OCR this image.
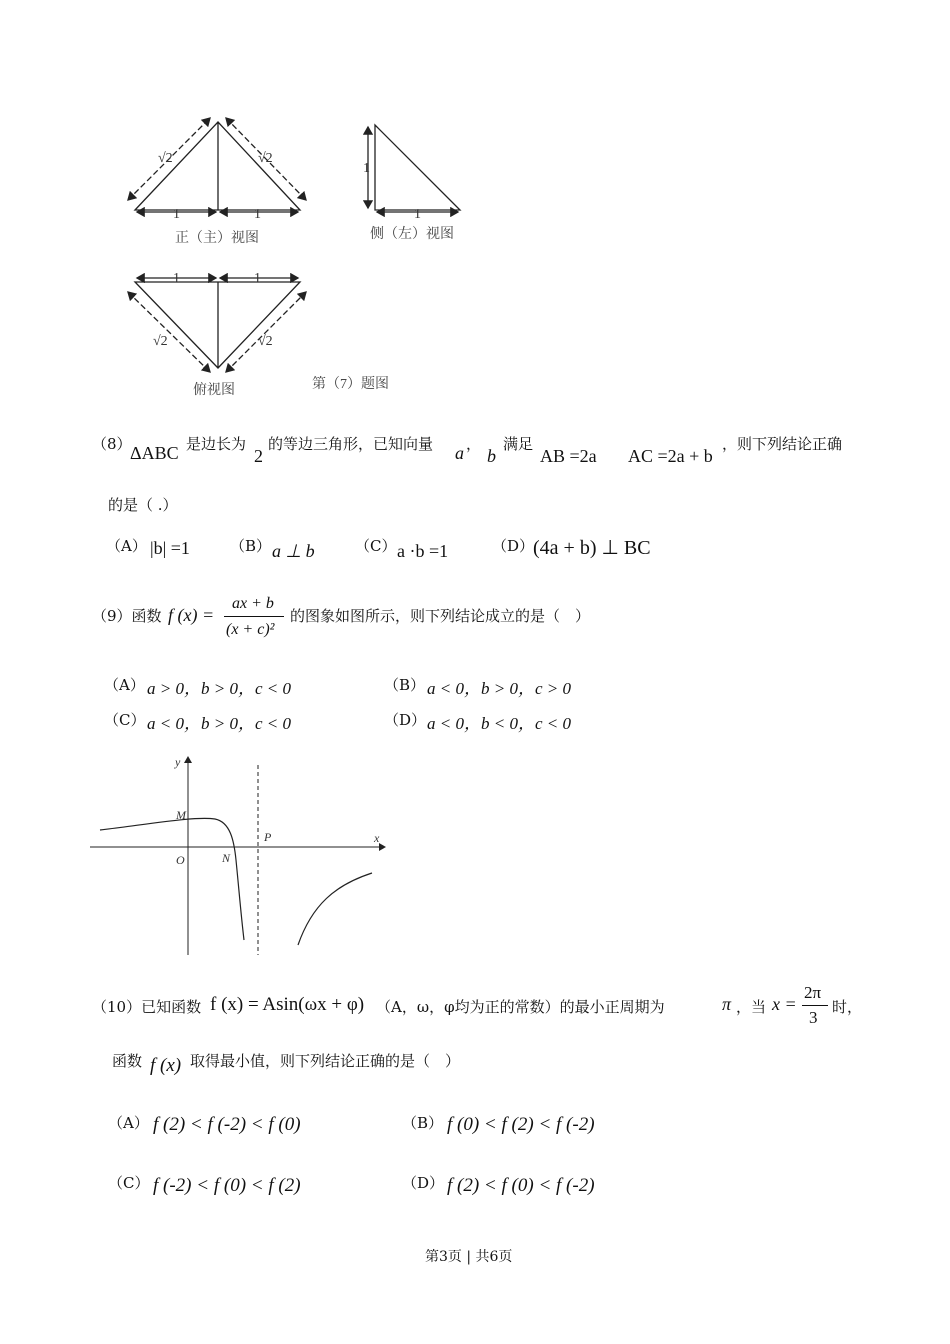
1	1
√2	√2
1
1
1	1
√2	√2
正（主）视图	侧（左）视图
俯视图	第（7）题图
y
x
M
O	N
P
（8）
ΔABC 是边长为
2
的等边三角形，已知向量 a ，
b
满足
AB =2a AC =2a + b
，则下列结论正确
的是（ .）
（A） |b| =1	（B） a ⊥ b	（C） a ·b =1	（D）
(4a + b) ⊥ BC
（9）函数 f (x) =
ax + b
(x + c)²
的图象如图所示，则下列结论成立的是（　）
（A） a > 0，b > 0，c < 0	（B） a < 0，b > 0，c > 0
（C） a < 0，b > 0，c < 0	（D） a < 0，b < 0，c < 0
（10）已知函数 f (x) = Asin(ωx + φ) （A，ω，φ均为正的常数）的最小正周期为	π ，当 x =
2π
3
时，
函数 f (x) 取得最小值，则下列结论正确的是（　）
（A） f (2) < f (-2) < f (0)	（B） f (0) < f (2) < f (-2)
（C） f (-2) < f (0) < f (2)	（D） f (2) < f (0) < f (-2)
第3页 | 共6页
